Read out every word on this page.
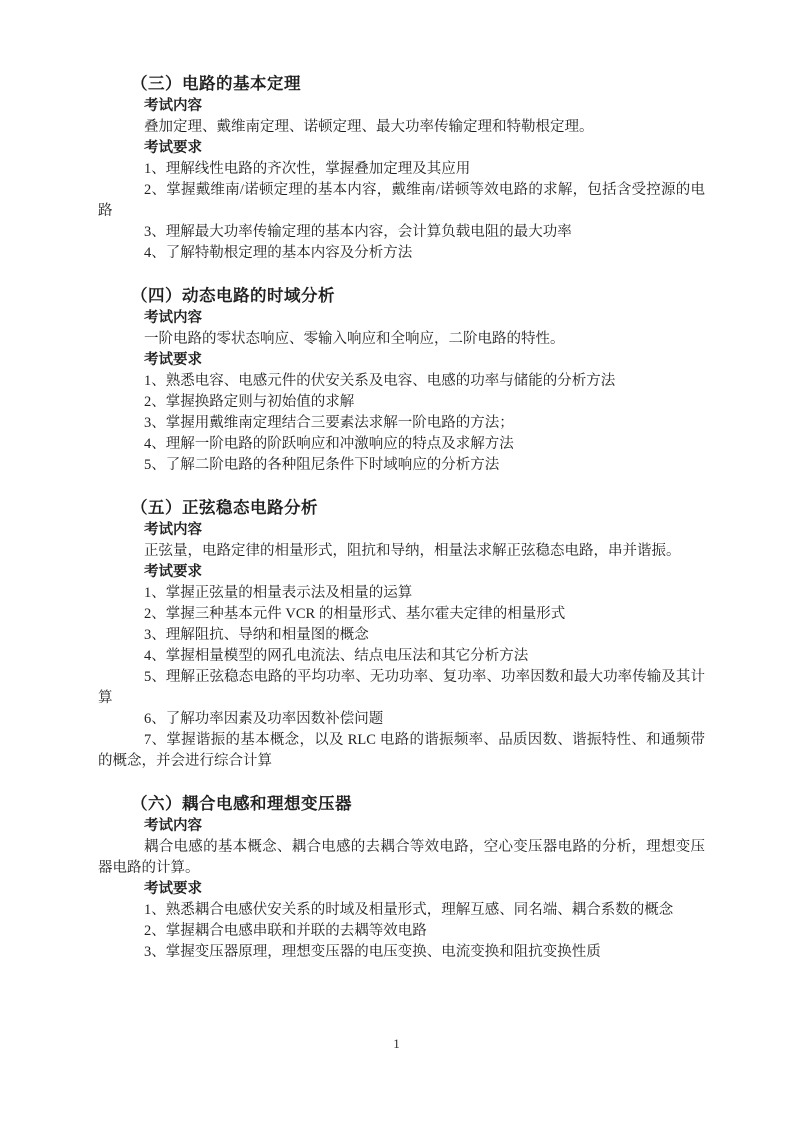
（三）电路的基本定理

考试内容

叠加定理、戴维南定理、诺顿定理、最大功率传输定理和特勒根定理。

考试要求

1、理解线性电路的齐次性，掌握叠加定理及其应用

2、掌握戴维南/诺顿定理的基本内容，戴维南/诺顿等效电路的求解，包括含受控源的电路

3、理解最大功率传输定理的基本内容，会计算负载电阻的最大功率

4、了解特勒根定理的基本内容及分析方法

（四）动态电路的时域分析

考试内容

一阶电路的零状态响应、零输入响应和全响应，二阶电路的特性。

考试要求

1、熟悉电容、电感元件的伏安关系及电容、电感的功率与储能的分析方法

2、掌握换路定则与初始值的求解

3、掌握用戴维南定理结合三要素法求解一阶电路的方法；

4、理解一阶电路的阶跃响应和冲激响应的特点及求解方法

5、了解二阶电路的各种阻尼条件下时域响应的分析方法

（五）正弦稳态电路分析

考试内容

正弦量，电路定律的相量形式，阻抗和导纳，相量法求解正弦稳态电路，串并谐振。

考试要求

1、掌握正弦量的相量表示法及相量的运算

2、掌握三种基本元件 VCR 的相量形式、基尔霍夫定律的相量形式

3、理解阻抗、导纳和相量图的概念

4、掌握相量模型的网孔电流法、结点电压法和其它分析方法

5、理解正弦稳态电路的平均功率、无功功率、复功率、功率因数和最大功率传输及其计算

6、了解功率因素及功率因数补偿问题

7、掌握谐振的基本概念，以及 RLC 电路的谐振频率、品质因数、谐振特性、和通频带的概念，并会进行综合计算

（六）耦合电感和理想变压器

考试内容

耦合电感的基本概念、耦合电感的去耦合等效电路，空心变压器电路的分析，理想变压器电路的计算。

考试要求

1、熟悉耦合电感伏安关系的时域及相量形式，理解互感、同名端、耦合系数的概念

2、掌握耦合电感串联和并联的去耦等效电路

3、掌握变压器原理，理想变压器的电压变换、电流变换和阻抗变换性质

1
